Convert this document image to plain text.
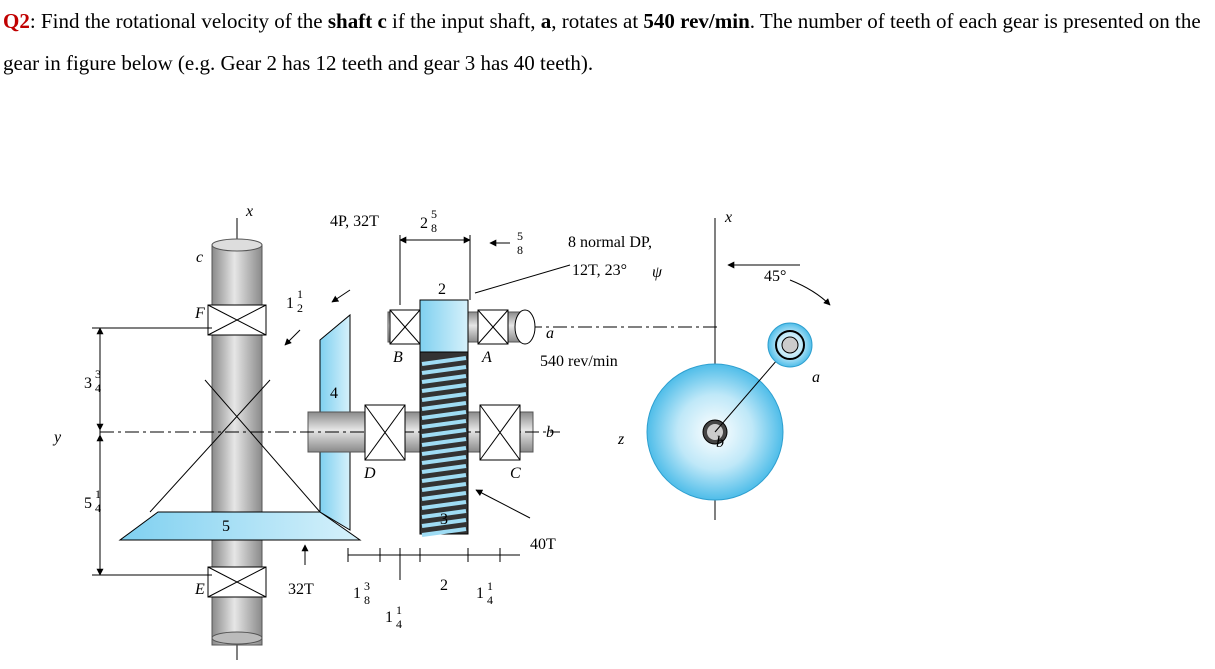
Q2: Find the rotational velocity of the shaft c if the input shaft, a, rotates at 540 rev/min. The number of teeth of each gear is presented on the gear in figure below (e.g. Gear 2 has 12 teeth and gear 3 has 40 teeth).
x	x
y	z
c
F
E
B	A
C
D
a
a
b
b
4P, 32T	2
5
8
5
8
1
1
2
3
3
4
5
1
4
1 3
8
1 1
4
1 1
4
2
3
4
5
2
8 normal DP,
12T, 23° ψ
540 rev/min
40T
32T
45°
